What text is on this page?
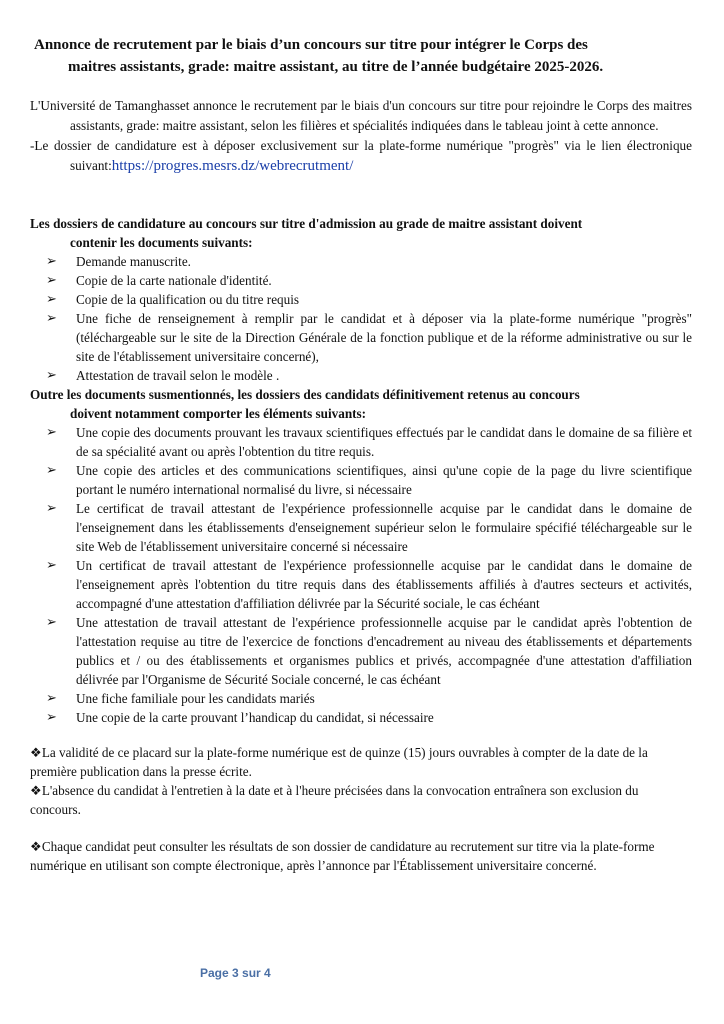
Annonce de recrutement par le biais d’un concours sur titre pour intégrer le Corps des
maitres assistants, grade: maitre assistant, au titre de l’année budgétaire 2025-2026.

L'Université de Tamanghasset annonce le recrutement par le biais d'un concours sur titre pour rejoindre le Corps des maitres assistants, grade: maitre assistant, selon les filières et spécialités indiquées dans le tableau joint à cette annonce.

-Le dossier de candidature est à déposer exclusivement sur la plate-forme numérique "progrès" via le lien électronique suivant:https://progres.mesrs.dz/webrecrutment/

Les dossiers de candidature au concours sur titre d'admission au grade de maitre assistant doivent
contenir les documents suivants:
➢ Demande manuscrite.
➢ Copie de la carte nationale d'identité.
➢ Copie de la qualification ou du titre requis
➢ Une fiche de renseignement à remplir par le candidat et à déposer via la plate-forme numérique "progrès" (téléchargeable sur le site de la Direction Générale de la fonction publique et de la réforme administrative ou sur le site de l'établissement universitaire concerné),
➢ Attestation de travail selon le modèle .
Outre les documents susmentionnés, les dossiers des candidats définitivement retenus au concours
doivent notamment comporter les éléments suivants:
➢ Une copie des documents prouvant les travaux scientifiques effectués par le candidat dans le domaine de sa filière et de sa spécialité avant ou après l'obtention du titre requis.
➢ Une copie des articles et des communications scientifiques, ainsi qu'une copie de la page du livre scientifique portant le numéro international normalisé du livre, si nécessaire
➢ Le certificat de travail attestant de l'expérience professionnelle acquise par le candidat dans le domaine de l'enseignement dans les établissements d'enseignement supérieur selon le formulaire spécifié téléchargeable sur le site Web de l'établissement universitaire concerné si nécessaire
➢ Un certificat de travail attestant de l'expérience professionnelle acquise par le candidat dans le domaine de l'enseignement après l'obtention du titre requis dans des établissements affiliés à d'autres secteurs et activités, accompagné d'une attestation d'affiliation délivrée par la Sécurité sociale, le cas échéant
➢ Une attestation de travail attestant de l'expérience professionnelle acquise par le candidat après l'obtention de l'attestation requise au titre de l'exercice de fonctions d'encadrement au niveau des établissements et départements publics et / ou des établissements et organismes publics et privés, accompagnée d'une attestation d'affiliation délivrée par l'Organisme de Sécurité Sociale concerné, le cas échéant
➢ Une fiche familiale pour les candidats mariés
➢ Une copie de la carte prouvant l’handicap du candidat, si nécessaire
❖La validité de ce placard sur la plate-forme numérique est de quinze (15) jours ouvrables à compter de la date de la première publication dans la presse écrite.
❖L'absence du candidat à l'entretien à la date et à l'heure précisées dans la convocation entraînera son exclusion du concours.
❖Chaque candidat peut consulter les résultats de son dossier de candidature au recrutement sur titre via la plate-forme numérique en utilisant son compte électronique, après l’annonce par l'Établissement universitaire concerné.
Page 3 sur 4
